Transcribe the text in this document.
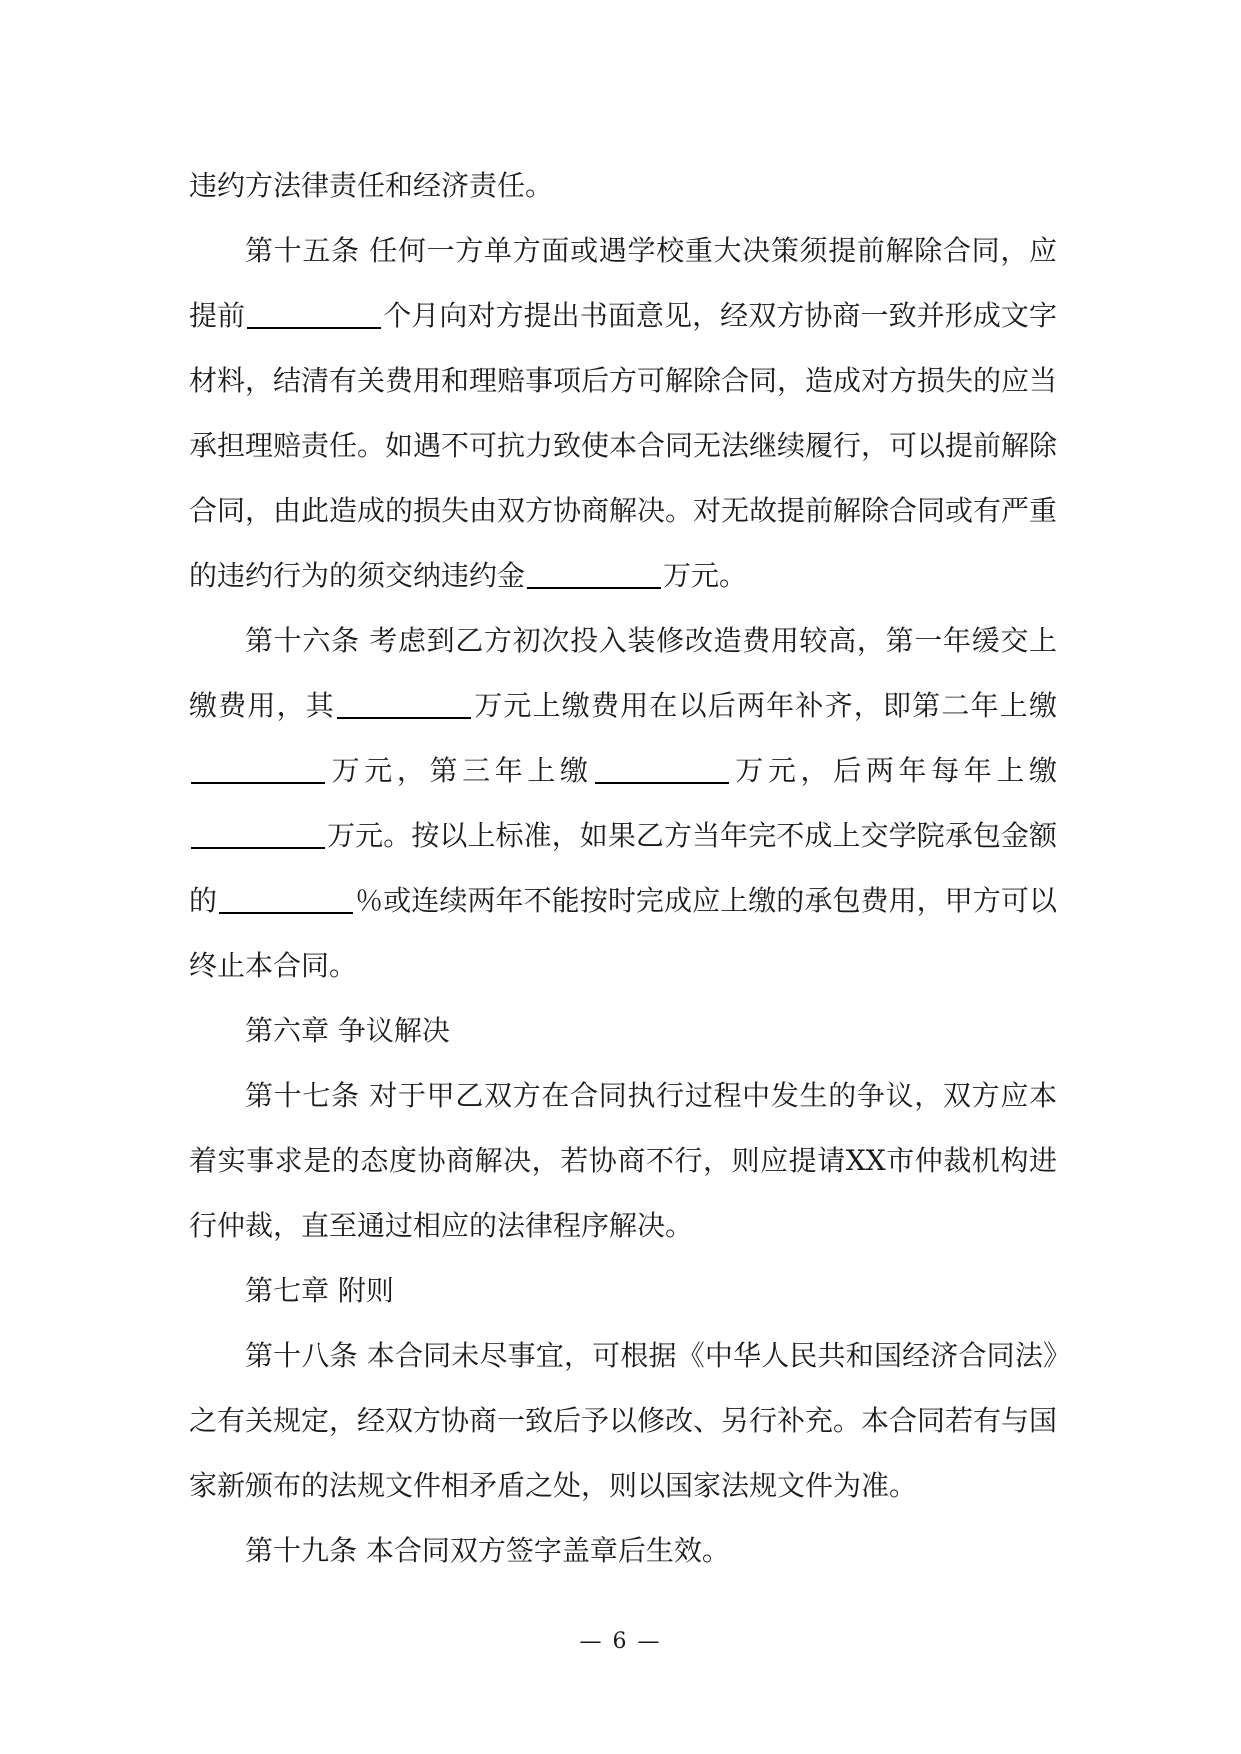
违约方法律责任和经济责任。

第十五条 任何一方单方面或遇学校重大决策须提前解除合同，应提前	个月向对方提出书面意见，经双方协商一致并形成文字材料，结清有关费用和理赔事项后方可解除合同，造成对方损失的应当承担理赔责任。如遇不可抗力致使本合同无法继续履行，可以提前解除合同，由此造成的损失由双方协商解决。对无故提前解除合同或有严重的违约行为的须交纳违约金	万元。

第十六条 考虑到乙方初次投入装修改造费用较高，第一年缓交上缴费用，其	万元上缴费用在以后两年补齐，即第二年上缴万元，第三年上缴	万元，后两年每年上缴万元。按以上标准，如果乙方当年完不成上交学院承包金额的	％或连续两年不能按时完成应上缴的承包费用，甲方可以终止本合同。

第六章 争议解决

第十七条 对于甲乙双方在合同执行过程中发生的争议，双方应本着实事求是的态度协商解决，若协商不行，则应提请XX市仲裁机构进行仲裁，直至通过相应的法律程序解决。

第七章 附则

第十八条 本合同未尽事宜，可根据《中华人民共和国经济合同法》之有关规定，经双方协商一致后予以修改、另行补充。本合同若有与国家新颁布的法规文件相矛盾之处，则以国家法规文件为准。

第十九条 本合同双方签字盖章后生效。

— 6 —
